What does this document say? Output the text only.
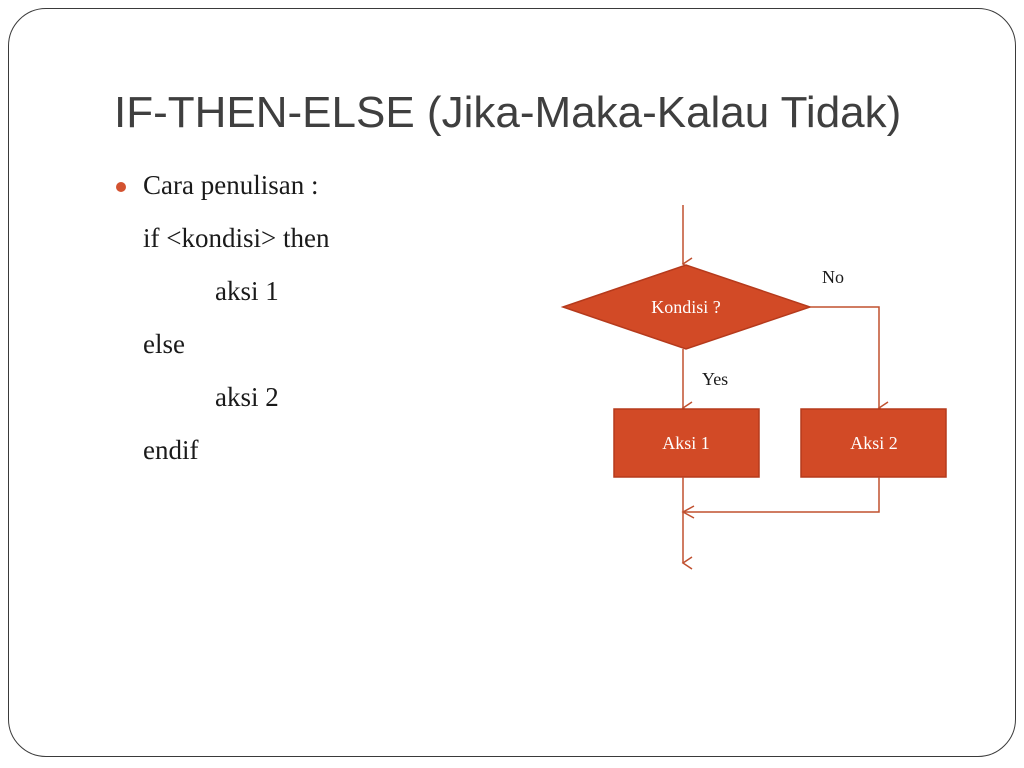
IF-THEN-ELSE (Jika-Maka-Kalau Tidak)
Cara penulisan :
if <kondisi> then
aksi 1
else
aksi 2
endif
Kondisi ?
Yes
No
Aksi 1	Aksi 2
